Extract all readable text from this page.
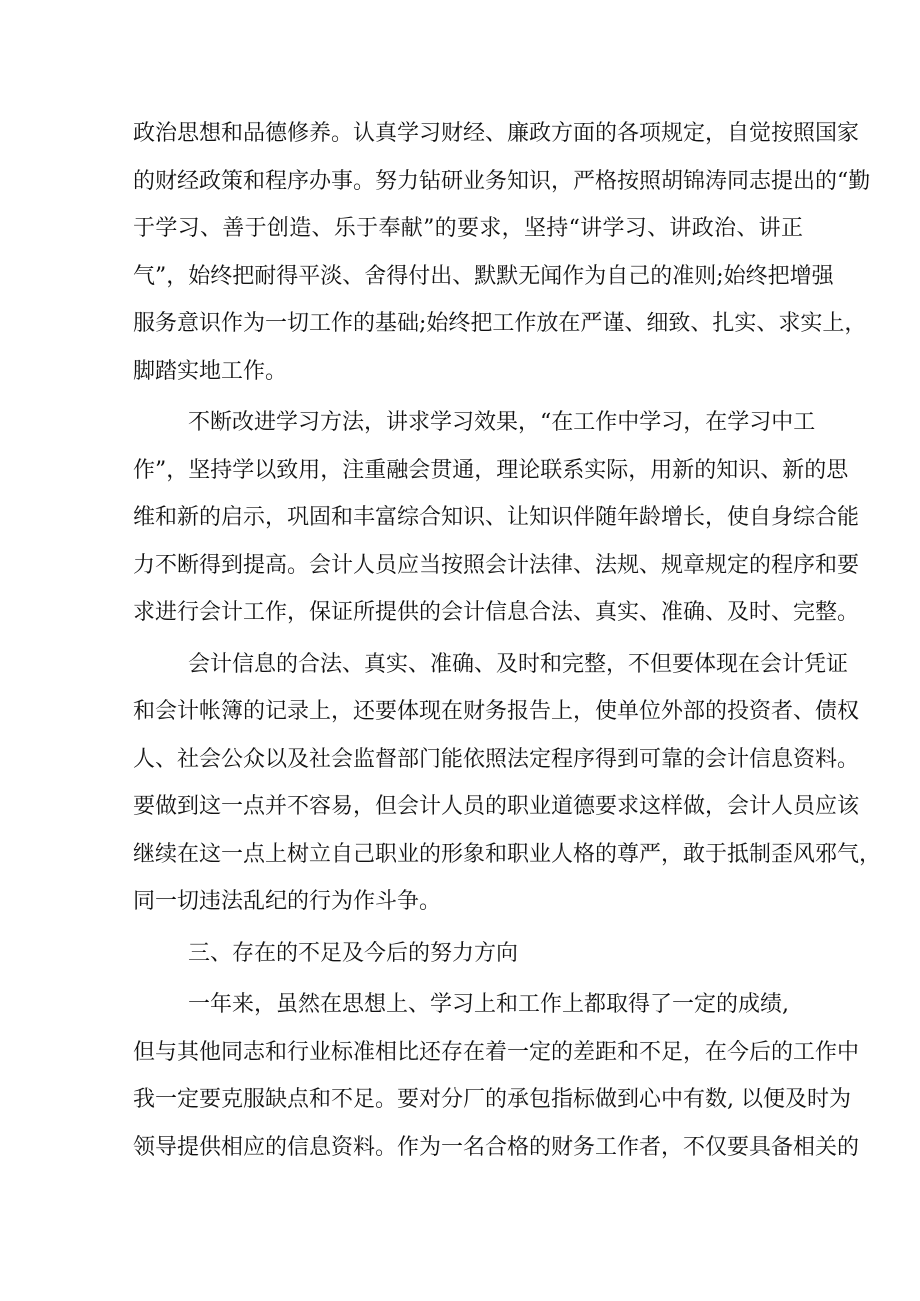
政治思想和品德修养。认真学习财经、廉政方面的各项规定，自觉按照国家
的财经政策和程序办事。努力钻研业务知识，严格按照胡锦涛同志提出的“勤
于学习、善于创造、乐于奉献”的要求，坚持“讲学习、讲政治、讲正
气”，始终把耐得平淡、舍得付出、默默无闻作为自己的准则;始终把增强
服务意识作为一切工作的基础;始终把工作放在严谨、细致、扎实、求实上，
脚踏实地工作。
不断改进学习方法，讲求学习效果，“在工作中学习，在学习中工
作”，坚持学以致用，注重融会贯通，理论联系实际，用新的知识、新的思
维和新的启示，巩固和丰富综合知识、让知识伴随年龄增长，使自身综合能
力不断得到提高。会计人员应当按照会计法律、法规、规章规定的程序和要
求进行会计工作，保证所提供的会计信息合法、真实、准确、及时、完整。
会计信息的合法、真实、准确、及时和完整，不但要体现在会计凭证
和会计帐簿的记录上，还要体现在财务报告上，使单位外部的投资者、债权
人、社会公众以及社会监督部门能依照法定程序得到可靠的会计信息资料。
要做到这一点并不容易，但会计人员的职业道德要求这样做，会计人员应该
继续在这一点上树立自己职业的形象和职业人格的尊严，敢于抵制歪风邪气，
同一切违法乱纪的行为作斗争。
三、存在的不足及今后的努力方向
一年来，虽然在思想上、学习上和工作上都取得了一定的成绩,
但与其他同志和行业标准相比还存在着一定的差距和不足，在今后的工作中
我一定要克服缺点和不足。要对分厂的承包指标做到心中有数, 以便及时为
领导提供相应的信息资料。作为一名合格的财务工作者，不仅要具备相关的
